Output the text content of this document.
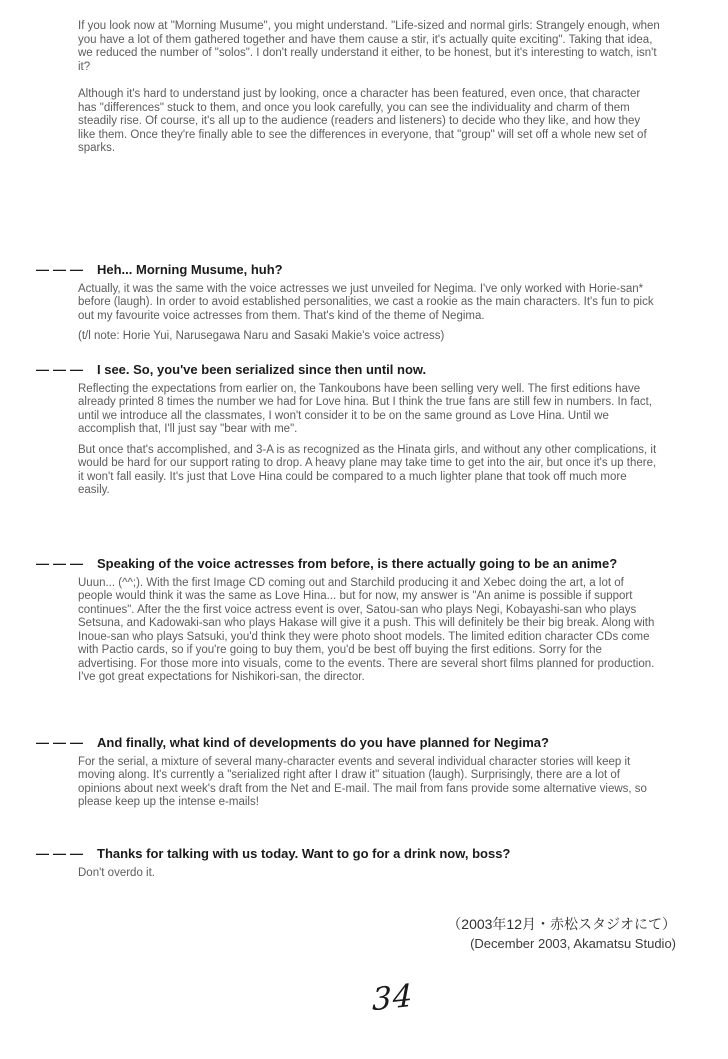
If you look now at "Morning Musume", you might understand. "Life-sized and normal girls: Strangely enough, when you have a lot of them gathered together and have them cause a stir, it's actually quite exciting". Taking that idea, we reduced the number of "solos". I don't really understand it either, to be honest, but it's interesting to watch, isn't it?

Although it's hard to understand just by looking, once a character has been featured, even once, that character has "differences" stuck to them, and once you look carefully, you can see the individuality and charm of them steadily rise. Of course, it's all up to the audience (readers and listeners) to decide who they like, and how they like them. Once they're finally able to see the differences in everyone, that "group" will set off a whole new set of sparks.

——— Heh... Morning Musume, huh?

Actually, it was the same with the voice actresses we just unveiled for Negima. I've only worked with Horie-san* before (laugh). In order to avoid established personalities, we cast a rookie as the main characters. It's fun to pick out my favourite voice actresses from them. That's kind of the theme of Negima.

(t/l note: Horie Yui, Narusegawa Naru and Sasaki Makie's voice actress)

——— I see. So, you've been serialized since then until now.

Reflecting the expectations from earlier on, the Tankoubons have been selling very well. The first editions have already printed 8 times the number we had for Love hina. But I think the true fans are still few in numbers. In fact, until we introduce all the classmates, I won't consider it to be on the same ground as Love Hina. Until we accomplish that, I'll just say "bear with me".

But once that's accomplished, and 3-A is as recognized as the Hinata girls, and without any other complications, it would be hard for our support rating to drop. A heavy plane may take time to get into the air, but once it's up there, it won't fall easily. It's just that Love Hina could be compared to a much lighter plane that took off much more easily.

——— Speaking of the voice actresses from before, is there actually going to be an anime?

Uuun... (^^;). With the first Image CD coming out and Starchild producing it and Xebec doing the art, a lot of people would think it was the same as Love Hina... but for now, my answer is "An anime is possible if support continues". After the the first voice actress event is over, Satou-san who plays Negi, Kobayashi-san who plays Setsuna, and Kadowaki-san who plays Hakase will give it a push. This will definitely be their big break. Along with Inoue-san who plays Satsuki, you'd think they were photo shoot models. The limited edition character CDs come with Pactio cards, so if you're going to buy them, you'd be best off buying the first editions. Sorry for the advertising. For those more into visuals, come to the events. There are several short films planned for production. I've got great expectations for Nishikori-san, the director.

——— And finally, what kind of developments do you have planned for Negima?

For the serial, a mixture of several many-character events and several individual character stories will keep it moving along. It's currently a "serialized right after I draw it" situation (laugh). Surprisingly, there are a lot of opinions about next week's draft from the Net and E-mail. The mail from fans provide some alternative views, so please keep up the intense e-mails!

——— Thanks for talking with us today. Want to go for a drink now, boss?

Don't overdo it.

（2003年12月・赤松スタジオにて）
(December 2003, Akamatsu Studio)
34
